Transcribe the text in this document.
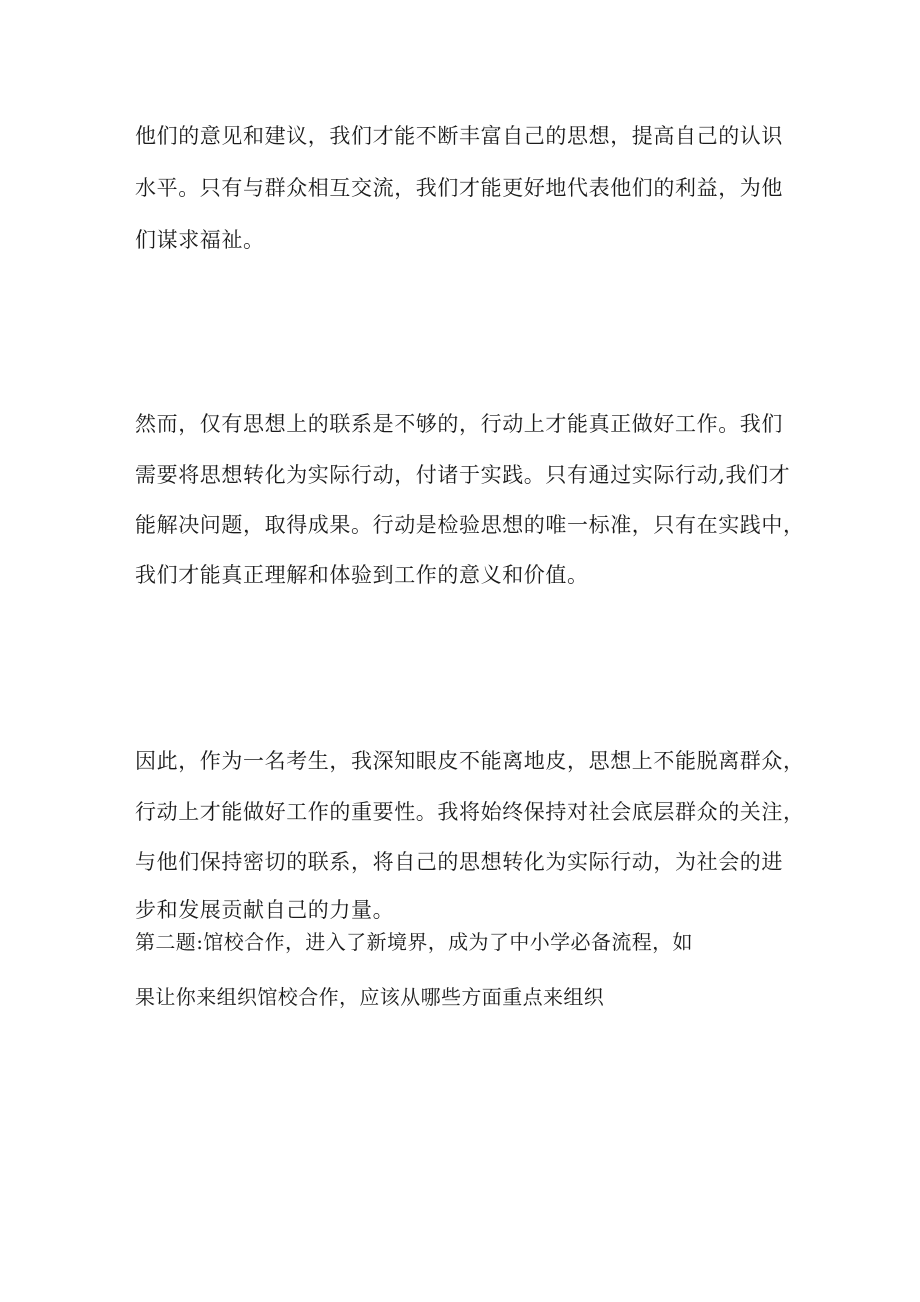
他们的意见和建议，我们才能不断丰富自己的思想，提高自己的认识
水平。只有与群众相互交流，我们才能更好地代表他们的利益，为他
们谋求福祉。
然而，仅有思想上的联系是不够的，行动上才能真正做好工作。我们
需要将思想转化为实际行动，付诸于实践。只有通过实际行动,我们才
能解决问题，取得成果。行动是检验思想的唯一标准，只有在实践中，
我们才能真正理解和体验到工作的意义和价值。
因此，作为一名考生，我深知眼皮不能离地皮，思想上不能脱离群众，
行动上才能做好工作的重要性。我将始终保持对社会底层群众的关注，
与他们保持密切的联系，将自己的思想转化为实际行动，为社会的进
步和发展贡献自己的力量。
第二题:馆校合作，进入了新境界，成为了中小学必备流程，如
果让你来组织馆校合作，应该从哪些方面重点来组织
